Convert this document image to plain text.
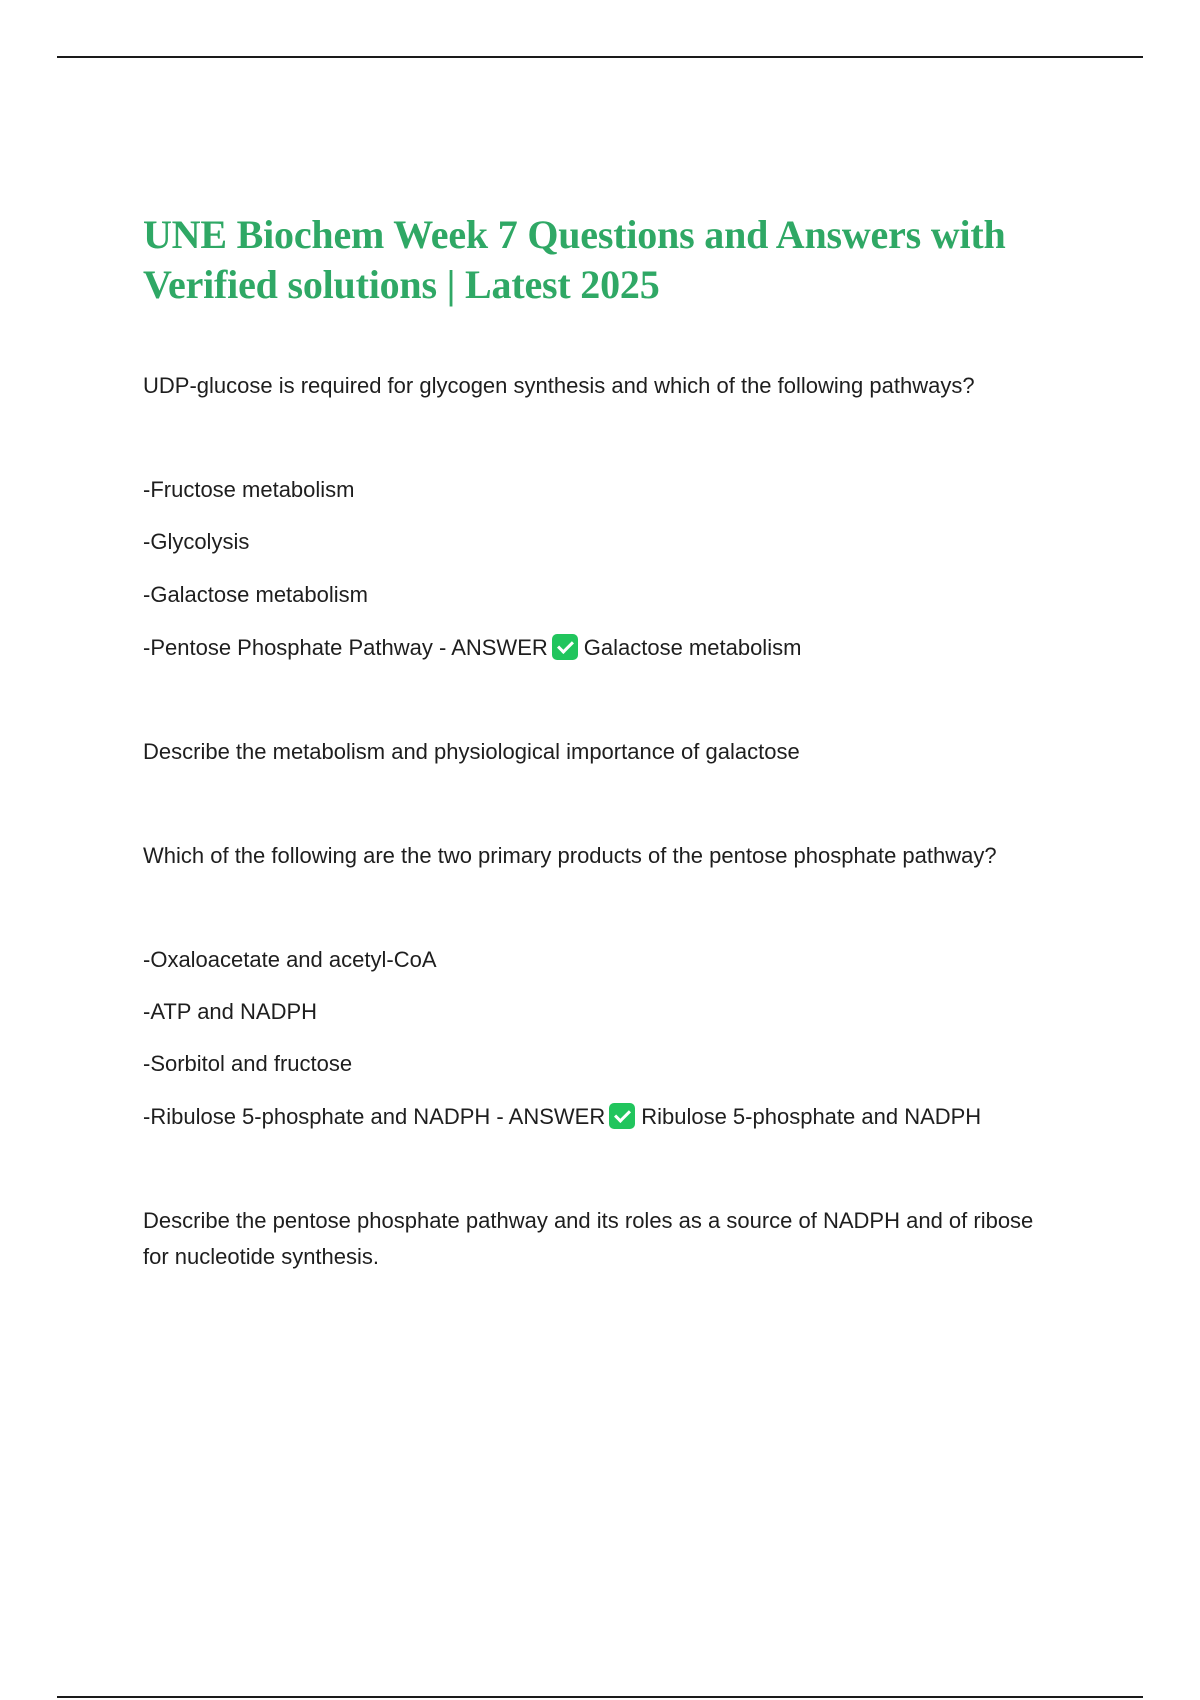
UNE Biochem Week 7 Questions and Answers with Verified solutions | Latest 2025

UDP-glucose is required for glycogen synthesis and which of the following pathways?

-Fructose metabolism

-Glycolysis

-Galactose metabolism

-Pentose Phosphate Pathway - ANSWER Galactose metabolism

Describe the metabolism and physiological importance of galactose

Which of the following are the two primary products of the pentose phosphate pathway?

-Oxaloacetate and acetyl-CoA

-ATP and NADPH

-Sorbitol and fructose

-Ribulose 5-phosphate and NADPH - ANSWER Ribulose 5-phosphate and NADPH

Describe the pentose phosphate pathway and its roles as a source of NADPH and of ribose for nucleotide synthesis.
